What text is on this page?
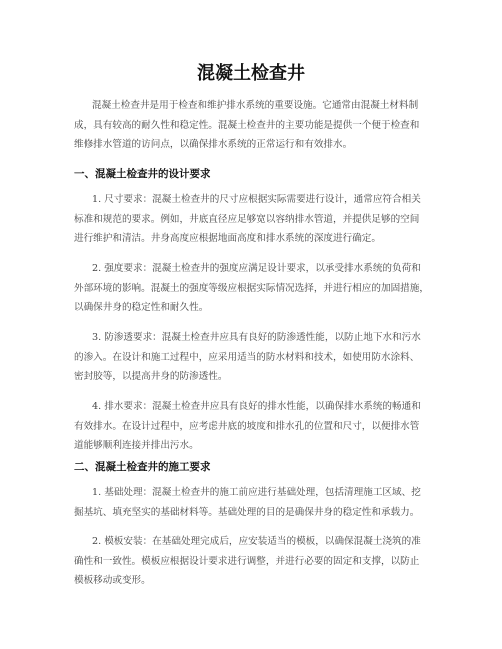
混凝土检查井

混凝土检查井是用于检查和维护排水系统的重要设施。它通常由混凝土材料制
成，具有较高的耐久性和稳定性。混凝土检查井的主要功能是提供一个便于检查和
维修排水管道的访问点，以确保排水系统的正常运行和有效排水。

一、混凝土检查井的设计要求

1. 尺寸要求：混凝土检查井的尺寸应根据实际需要进行设计，通常应符合相关
标准和规范的要求。例如，井底直径应足够宽以容纳排水管道，并提供足够的空间
进行维护和清洁。井身高度应根据地面高度和排水系统的深度进行确定。

2. 强度要求：混凝土检查井的强度应满足设计要求，以承受排水系统的负荷和
外部环境的影响。混凝土的强度等级应根据实际情况选择，并进行相应的加固措施，
以确保井身的稳定性和耐久性。

3. 防渗透要求：混凝土检查井应具有良好的防渗透性能，以防止地下水和污水
的渗入。在设计和施工过程中，应采用适当的防水材料和技术，如使用防水涂料、
密封胶等，以提高井身的防渗透性。

4. 排水要求：混凝土检查井应具有良好的排水性能，以确保排水系统的畅通和
有效排水。在设计过程中，应考虑井底的坡度和排水孔的位置和尺寸，以便排水管
道能够顺利连接并排出污水。

二、混凝土检查井的施工要求

1. 基础处理：混凝土检查井的施工前应进行基础处理，包括清理施工区域、挖
掘基坑、填充坚实的基础材料等。基础处理的目的是确保井身的稳定性和承载力。

2. 模板安装：在基础处理完成后，应安装适当的模板，以确保混凝土浇筑的准
确性和一致性。模板应根据设计要求进行调整，并进行必要的固定和支撑，以防止
模板移动或变形。
